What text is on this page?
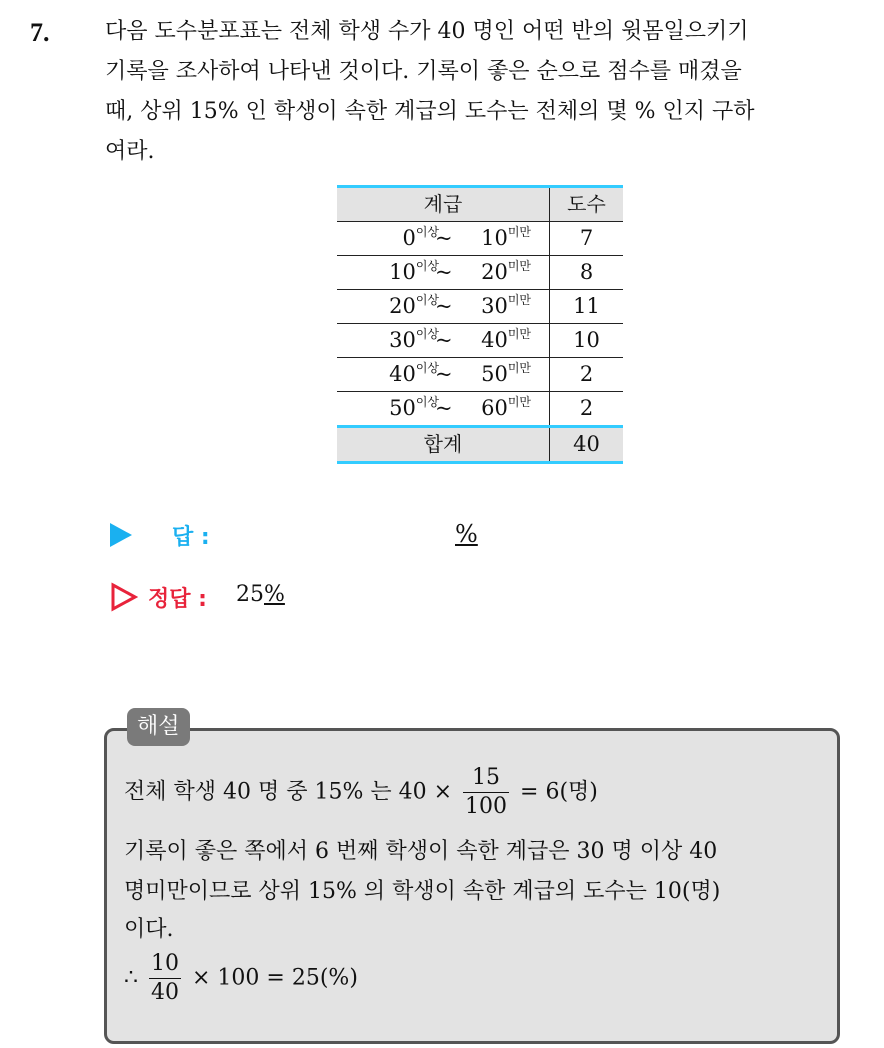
7.	다음 도수분포표는 전체 학생 수가 40 명인 어떤 반의 윗몸일으키기
기록을 조사하여 나타낸 것이다. 기록이 좋은 순으로 점수를 매겼을
때, 상위 15% 인 학생이 속한 계급의 도수는 전체의 몇 % 인지 구하
여라.
계급	도수

$0^{이상}$
~ $10^{미만}$	7

$10^{이상}$
~ $20^{미만}$	8

$20^{이상}$
~ $30^{미만}$	11

$30^{이상}$
~ $40^{미만}$	10

$40^{이상}$
~ $50^{미만}$	2

$50^{이상}$
~ $60^{미만}$	2
합계	40
답 :	%
정답 : 25%
해설
전체 학생 40 명 중 15% 는 $40 \times \frac{15}{100} = 6$(명)
기록이 좋은 쪽에서 6 번째 학생이 속한 계급은 30 명 이상 40
명미만이므로 상위 15% 의 학생이 속한 계급의 도수는 10(명)
이다.
∴ $\frac{10}{40} \times 100 = 25(\%)$
